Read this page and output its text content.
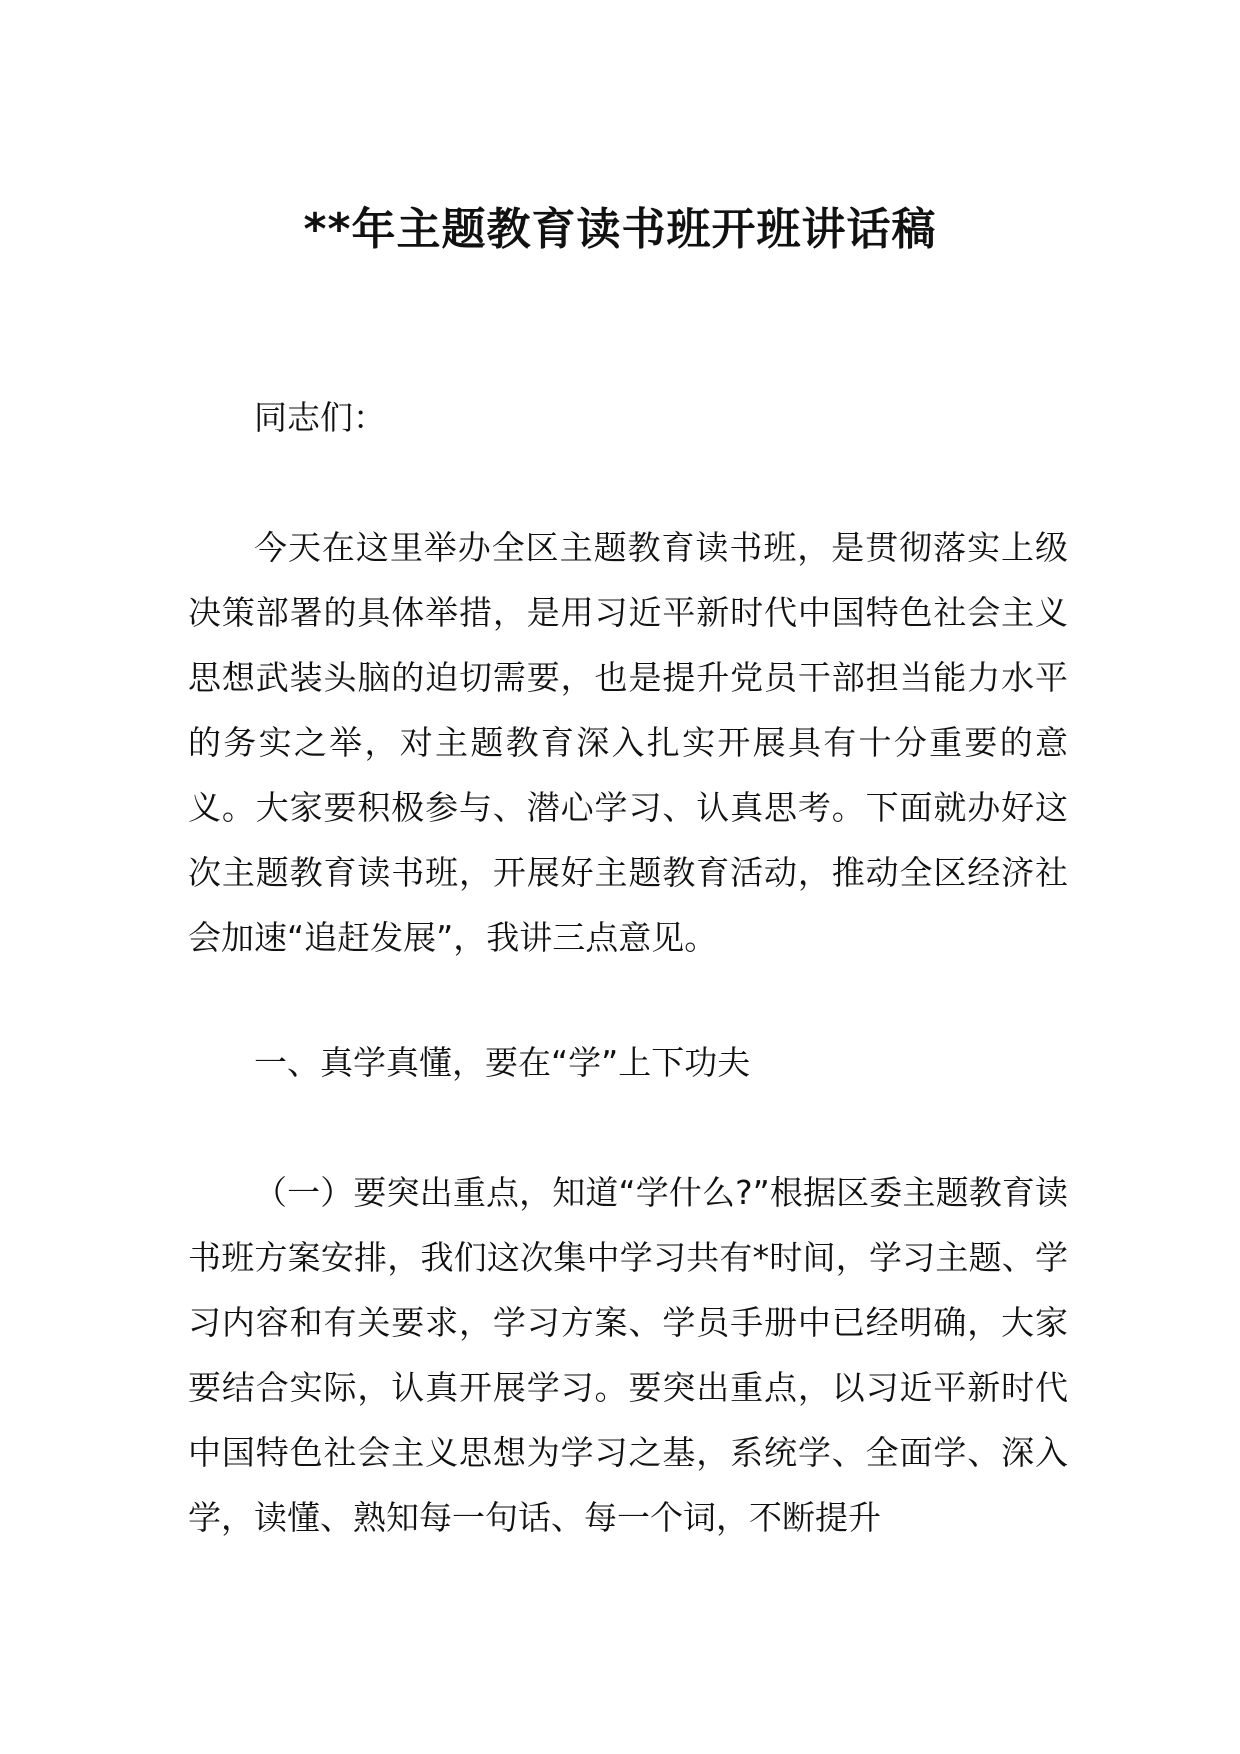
**年主题教育读书班开班讲话稿

同志们：

今天在这里举办全区主题教育读书班，是贯彻落实上级决策部署的具体举措，是用习近平新时代中国特色社会主义思想武装头脑的迫切需要，也是提升党员干部担当能力水平的务实之举，对主题教育深入扎实开展具有十分重要的意义。大家要积极参与、潜心学习、认真思考。下面就办好这次主题教育读书班，开展好主题教育活动，推动全区经济社会加速“追赶发展”，我讲三点意见。

一、真学真懂，要在“学”上下功夫

（一）要突出重点，知道“学什么?”根据区委主题教育读书班方案安排，我们这次集中学习共有*时间，学习主题、学习内容和有关要求，学习方案、学员手册中已经明确，大家要结合实际，认真开展学习。要突出重点，以习近平新时代中国特色社会主义思想为学习之基，系统学、全面学、深入学，读懂、熟知每一句话、每一个词，不断提升
